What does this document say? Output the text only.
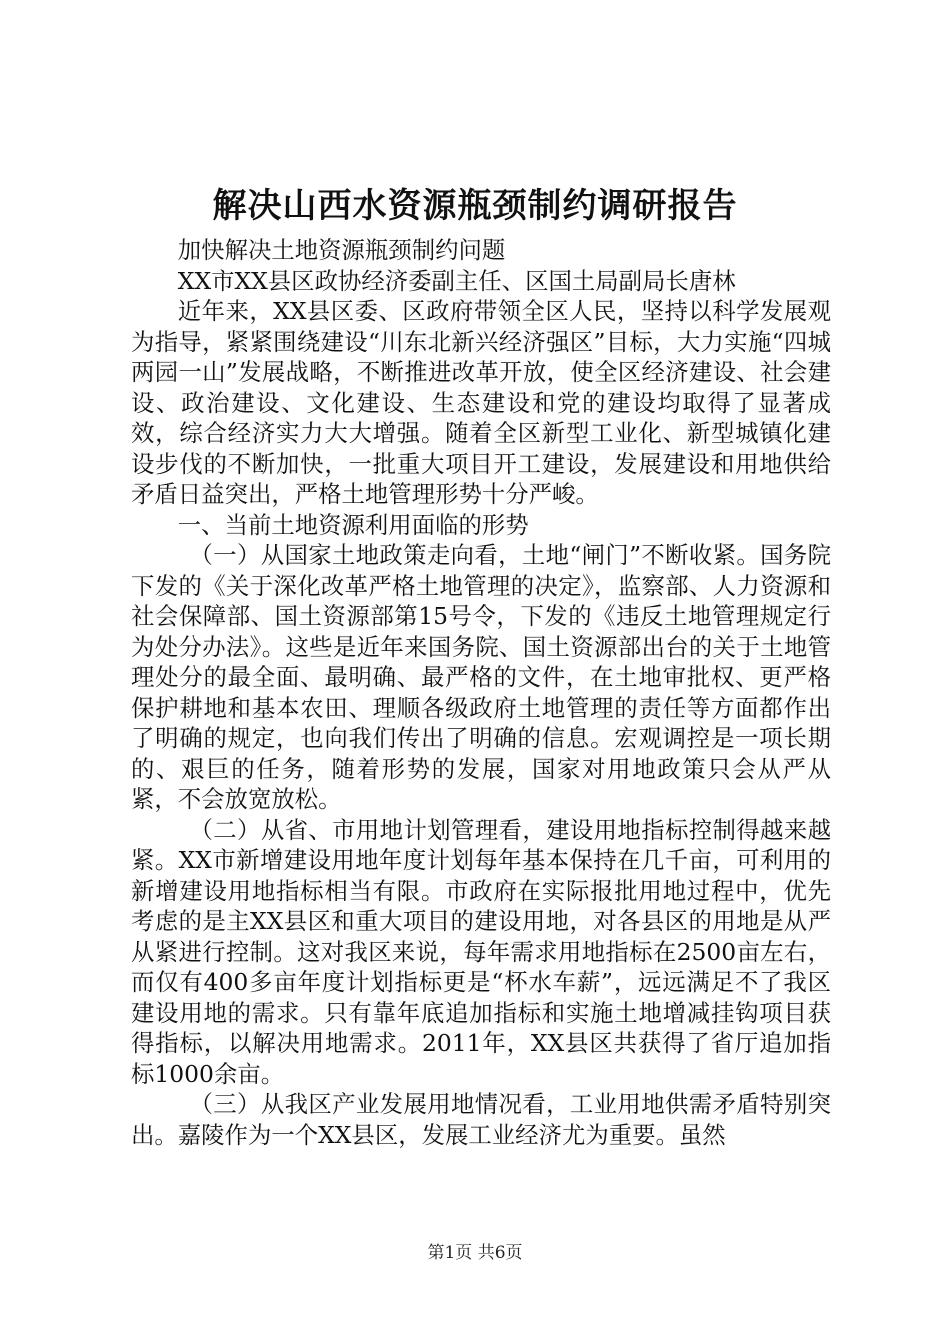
解决山西水资源瓶颈制约调研报告

加快解决土地资源瓶颈制约问题

XX市XX县区政协经济委副主任、区国土局副局长唐林

近年来，XX县区委、区政府带领全区人民，坚持以科学发展观为指导，紧紧围绕建设“川东北新兴经济强区”目标，大力实施“四城两园一山”发展战略，不断推进改革开放，使全区经济建设、社会建设、政治建设、文化建设、生态建设和党的建设均取得了显著成效，综合经济实力大大增强。随着全区新型工业化、新型城镇化建设步伐的不断加快，一批重大项目开工建设，发展建设和用地供给矛盾日益突出，严格土地管理形势十分严峻。

一、当前土地资源利用面临的形势

（一）从国家土地政策走向看，土地“闸门”不断收紧。国务院下发的《关于深化改革严格土地管理的决定》，监察部、人力资源和社会保障部、国土资源部第15号令，下发的《违反土地管理规定行为处分办法》。这些是近年来国务院、国土资源部出台的关于土地管理处分的最全面、最明确、最严格的文件，在土地审批权、更严格保护耕地和基本农田、理顺各级政府土地管理的责任等方面都作出了明确的规定，也向我们传出了明确的信息。宏观调控是一项长期的、艰巨的任务，随着形势的发展，国家对用地政策只会从严从紧，不会放宽放松。

（二）从省、市用地计划管理看，建设用地指标控制得越来越紧。XX市新增建设用地年度计划每年基本保持在几千亩，可利用的新增建设用地指标相当有限。市政府在实际报批用地过程中，优先考虑的是主XX县区和重大项目的建设用地，对各县区的用地是从严从紧进行控制。这对我区来说，每年需求用地指标在2500亩左右，而仅有400多亩年度计划指标更是“杯水车薪”，远远满足不了我区建设用地的需求。只有靠年底追加指标和实施土地增减挂钩项目获得指标，以解决用地需求。2011年，XX县区共获得了省厅追加指标1000余亩。

（三）从我区产业发展用地情况看，工业用地供需矛盾特别突出。嘉陵作为一个XX县区，发展工业经济尤为重要。虽然

第1页 共6页
